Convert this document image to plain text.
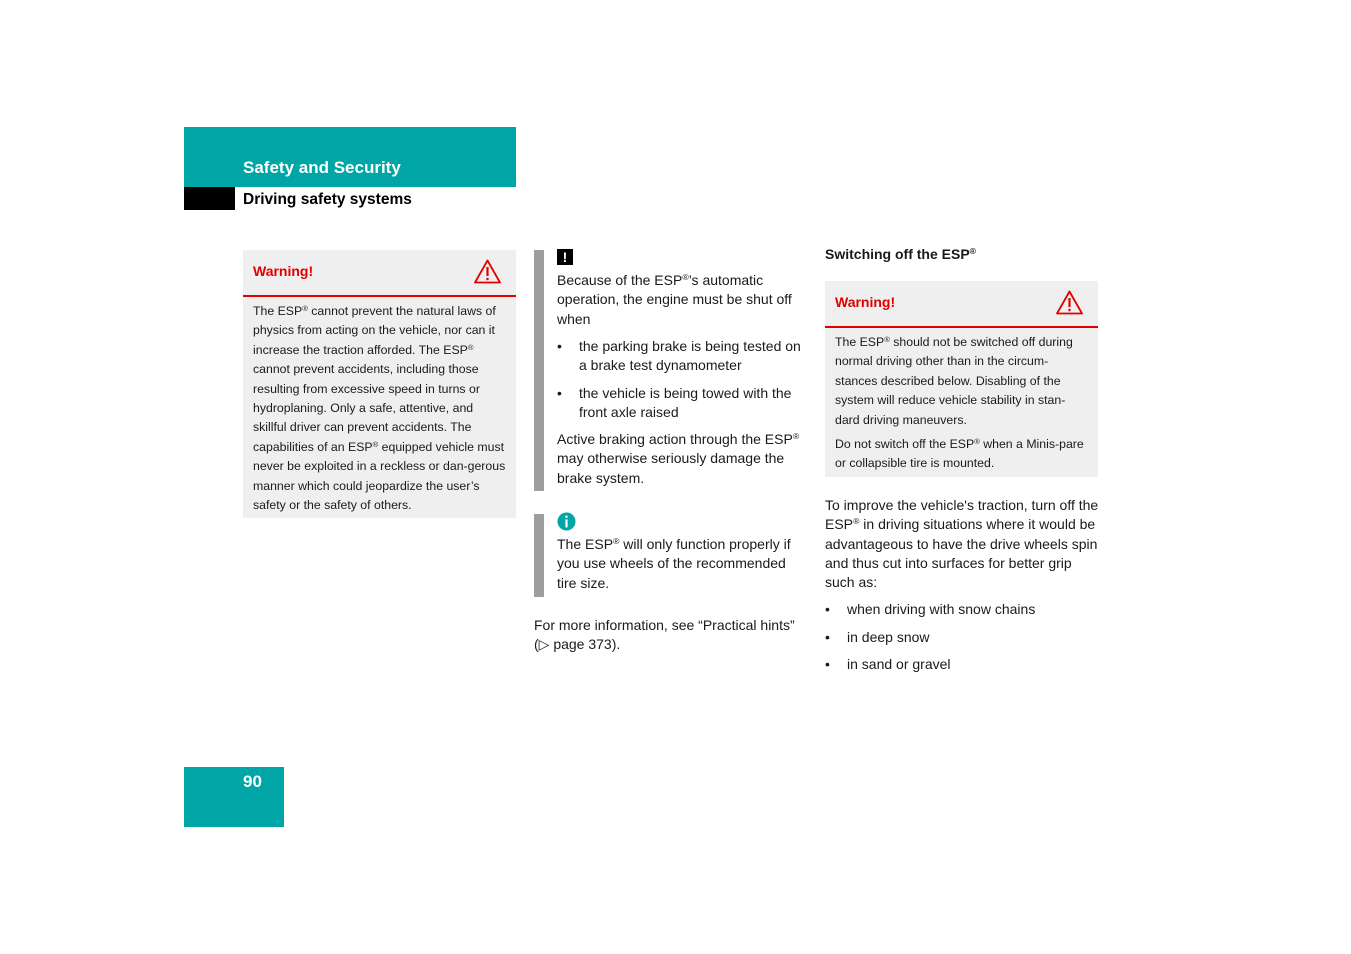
Safety and Security
Driving safety systems
Warning!
The ESP® cannot prevent the natural laws of physics from acting on the vehicle, nor can it increase the traction afforded. The ESP® cannot prevent accidents, including those resulting from excessive speed in turns or hydroplaning. Only a safe, attentive, and skillful driver can prevent accidents. The capabilities of an ESP® equipped vehicle must never be exploited in a reckless or dan-gerous manner which could jeopardize the user’s safety or the safety of others.
!
Because of the ESP®’s automatic operation, the engine must be shut off when
• the parking brake is being tested on a brake test dynamometer
• the vehicle is being towed with the front axle raised
Active braking action through the ESP® may otherwise seriously damage the brake system.
The ESP® will only function properly if you use wheels of the recommended tire size.
For more information, see “Practical hints” (▷ page 373).
Switching off the ESP®
Warning!

The ESP® should not be switched off during normal driving other than in the circum-stances described below. Disabling of the system will reduce vehicle stability in stan-dard driving maneuvers.

Do not switch off the ESP® when a Minis-pare or collapsible tire is mounted.

To improve the vehicle's traction, turn off the ESP® in driving situations where it would be advantageous to have the drive wheels spin and thus cut into surfaces for better grip such as:
• when driving with snow chains
• in deep snow
• in sand or gravel
90
